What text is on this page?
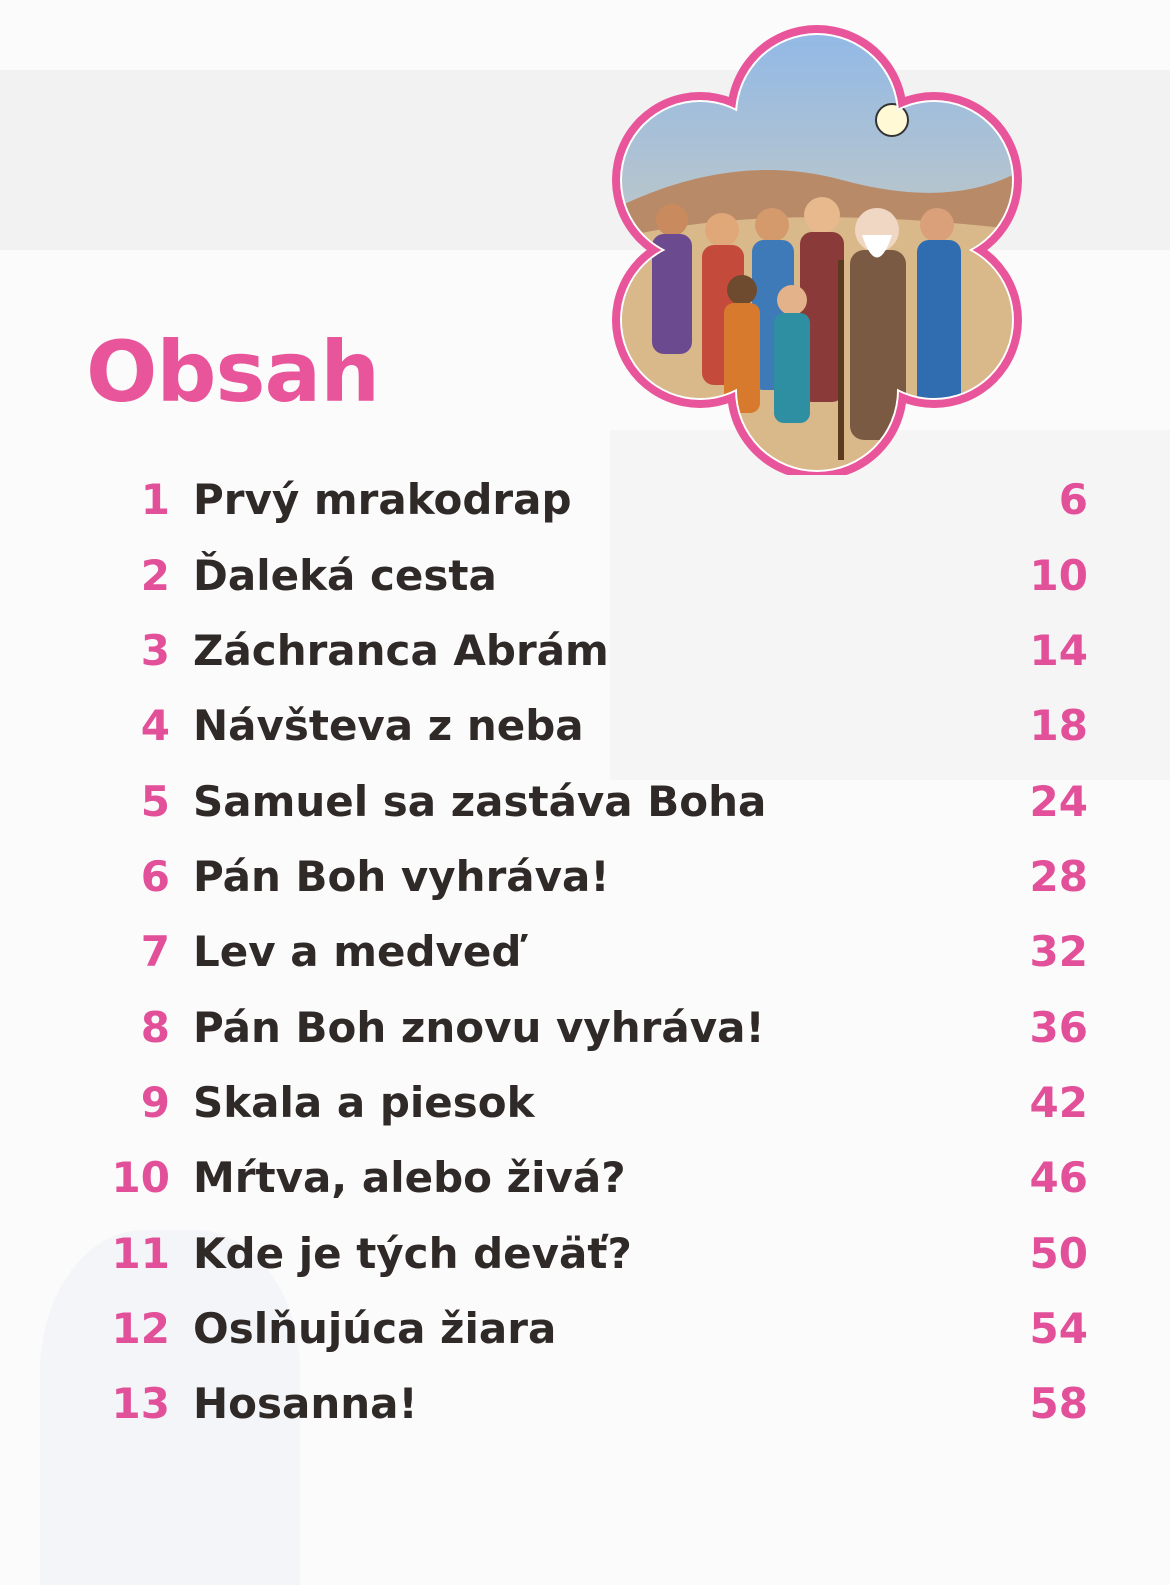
Obsah
1 Prvý mrakodrap	6
2 Ďaleká cesta	10
3 Záchranca Abrám	14
4 Návšteva z neba	18
5 Samuel sa zastáva Boha	24
6 Pán Boh vyhráva!	28
7 Lev a medveď	32
8 Pán Boh znovu vyhráva!	36
9 Skala a piesok	42
10 Mŕtva, alebo živá?	46
11 Kde je tých deväť?	50
12 Oslňujúca žiara	54
13 Hosanna!	58
